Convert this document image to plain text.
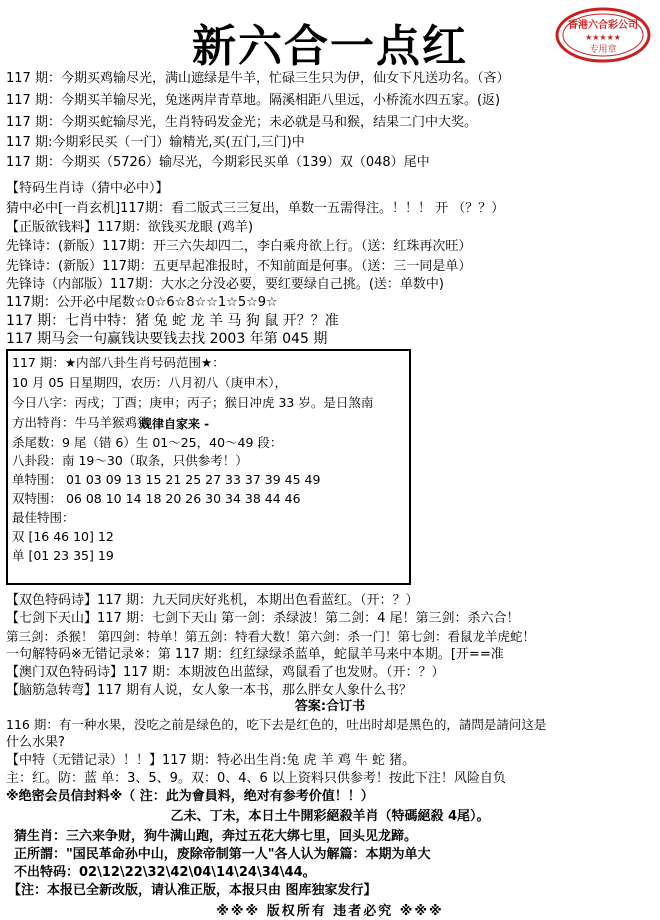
新六合一点红	香港六合彩公司
★★★★★
专用章
117 期：今期买鸡输尽光，满山遮绿是牛羊，忙碌三生只为伊，仙女下凡送功名。（吝）
117 期：今期买羊输尽光，兔迷两岸青草地。隔溪相距八里远，小桥流水四五家。(返)
117 期：今期买蛇输尽光，生肖特码发金光；未必就是马和猴，结果二门中大奖。
117 期:今期彩民买（一门）输精光,买(五门,三门)中
117 期：今期买（5726）输尽光，今期彩民买单（139）双（048）尾中
【特码生肖诗（猜中必中）】
猜中必中[一肖玄机]117期：看二版式三三复出，单数一五需得注。！！！ 开 （？？）
【正版欲钱料】117期：欲钱买龙眼 (鸡羊)
先锋诗：(新版）117期：开三六失却四二，李白乘舟欲上行。（送：红珠再次旺）
先锋诗：(新版）117期：五更早起准报时，不知前面是何事。（送：三一同是单）
先锋诗（内部版）117期：大水之分没必要，要红要绿自己挑。(送：单数中)
117期：公开必中尾数☆0☆6☆8☆☆1☆5☆9☆
117 期：七肖中特：猪 兔 蛇 龙 羊 马 狗 鼠 开？？准
117 期马会一句赢钱诀要钱去找 2003 年第 045 期
117 期：★内部八卦生肖号码范围★：
10 月 05 日星期四，农历：八月初八（庚申木），
今日八字：丙戌；丁酉；庚申；丙子；猴日冲虎 33 岁。是日煞南
方出特肖：牛马羊猴鸡猪
杀尾数：9 尾（错 6）生 01～25，40～49 段：
八卦段：南 19～30（取条，只供参考！）
单特围： 01 03 09 13 15 21 25 27 33 37 39 45 49
双特围： 06 08 10 14 18 20 26 30 34 38 44 46
最佳特围：
双 [16 46 10] 12
单 [01 23 35] 19
规律自家来 -
【双色特码诗】117 期：九天同庆好兆机，本期出色看蓝红。（开：？）
【七剑下天山】117 期：七剑下天山 第一剑：杀绿波！第二剑：4 尾！第三剑：杀六合！
第三剑：杀猴！ 第四剑：特单！第五剑：特看大数！第六剑：杀一门！第七剑：看鼠龙羊虎蛇！
一句解特码※无错记录※：第 117 期：红红绿绿杀蓝单，蛇鼠羊马来中本期。[开==准
【澳门双色特码诗】117 期：本期波色出蓝绿，鸡鼠看了也发财。（开：？）
【脑筋急转弯】117 期有人说，女人象一本书，那么胖女人象什么书？
答案:合订书
116 期：有一种水果，没吃之前是绿色的，吃下去是红色的，吐出时却是黑色的，請問是請问这是
什么水果?
【中特（无错记录）！！】117 期：特必出生肖:兔 虎 羊 鸡 牛 蛇 猪。
主：红。防：蓝 单：3、5、9。双：0、4、6 以上资料只供参考！按此下注！风险自负
※绝密会员信封料※（ 注：此为會員料，绝对有参考价值！！）
乙未、丁未，本日土牛開彩絕殺羊肖（特碼絕殺 4尾）。
猜生肖：三六来争财，狗牛满山跑，奔过五花大绑七里，回头见龙蹄。
正所謂："国民革命孙中山，废除帝制第一人"各人认为解篇：本期为单大
不出特码：02\12\22\32\42\04\14\24\34\44。
【注：本报已全新改版，请认准正版，本报只由 图库独家发行】
※※※ 版权所有 违者必究 ※※※
